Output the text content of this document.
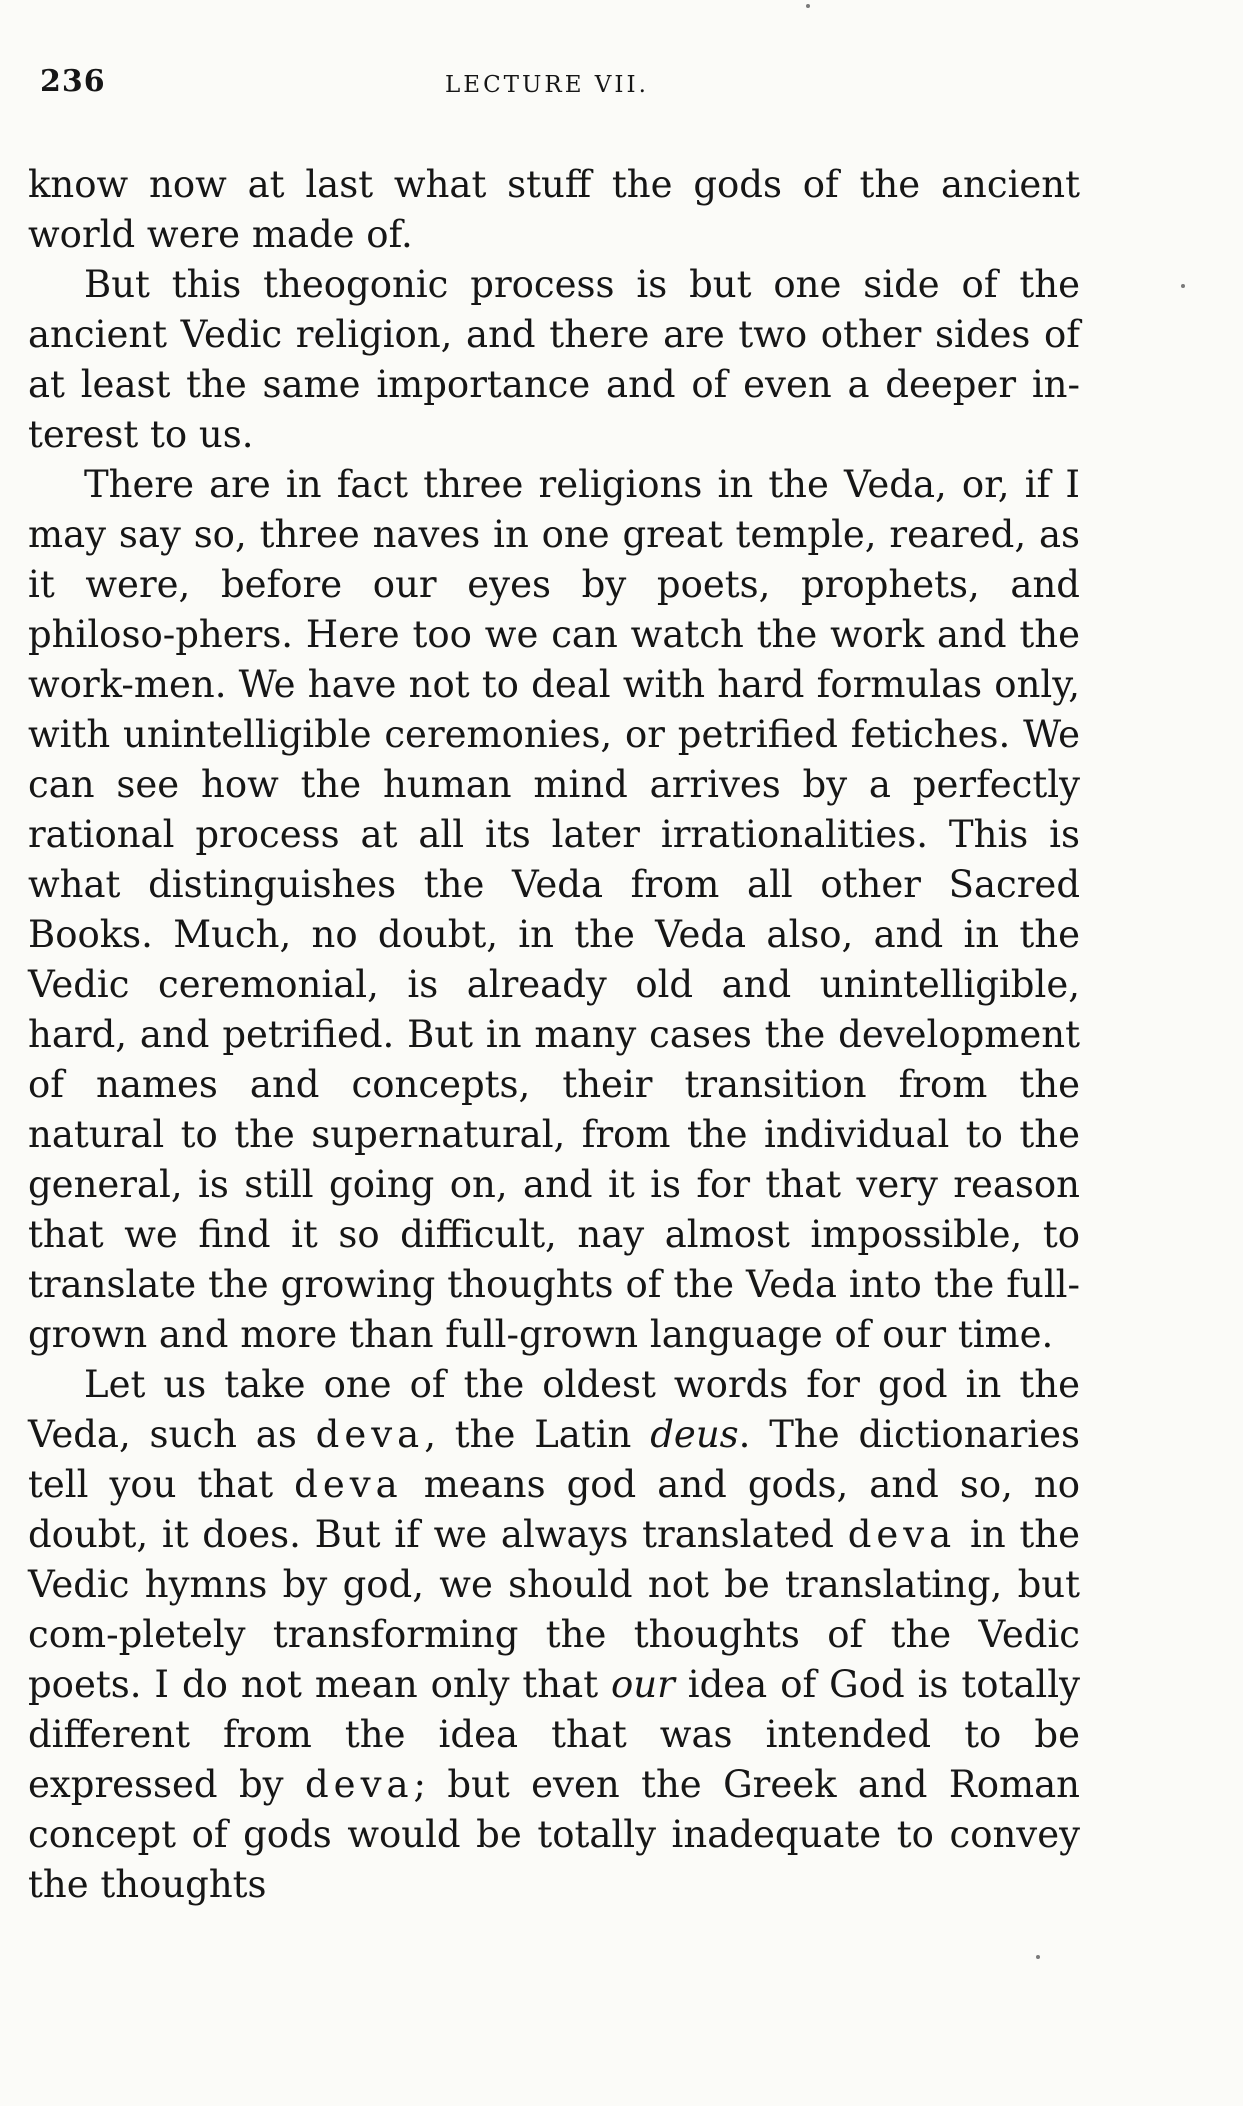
236	LECTURE VII.

know now at last what stuff the gods of the ancient world were made of.

But this theogonic process is but one side of the ancient Vedic religion, and there are two other sides of at least the same importance and of even a deeper in-terest to us.

There are in fact three religions in the Veda, or, if I may say so, three naves in one great temple, reared, as it were, before our eyes by poets, prophets, and philoso-phers. Here too we can watch the work and the work-men. We have not to deal with hard formulas only, with unintelligible ceremonies, or petrified fetiches. We can see how the human mind arrives by a perfectly rational process at all its later irrationalities. This is what distinguishes the Veda from all other Sacred Books. Much, no doubt, in the Veda also, and in the Vedic ceremonial, is already old and unintelligible, hard, and petrified. But in many cases the development of names and concepts, their transition from the natural to the supernatural, from the individual to the general, is still going on, and it is for that very reason that we find it so difficult, nay almost impossible, to translate the growing thoughts of the Veda into the full-grown and more than full-grown language of our time.

Let us take one of the oldest words for god in the Veda, such as deva, the Latin deus. The dictionaries tell you that deva means god and gods, and so, no doubt, it does. But if we always translated deva in the Vedic hymns by god, we should not be translating, but com-pletely transforming the thoughts of the Vedic poets. I do not mean only that our idea of God is totally different from the idea that was intended to be expressed by deva; but even the Greek and Roman concept of gods would be totally inadequate to convey the thoughts
